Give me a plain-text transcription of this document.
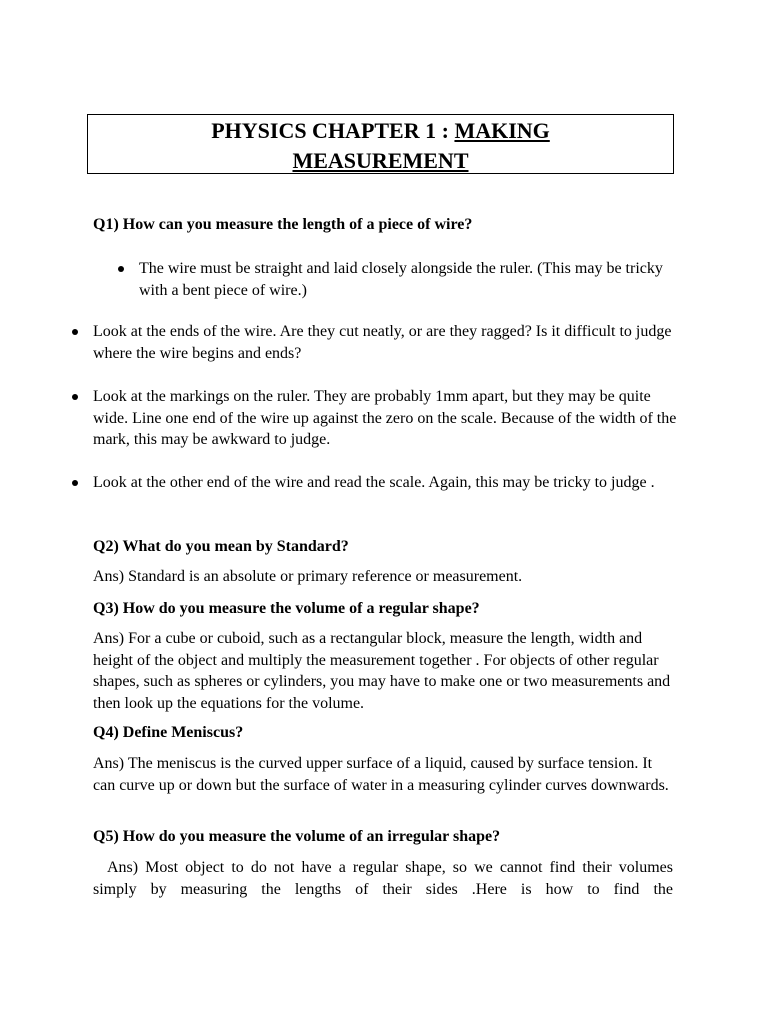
PHYSICS CHAPTER 1 : MAKING
MEASUREMENT
Q1) How can you measure the length of a piece of wire?
The wire must be straight and laid closely alongside the ruler. (This may be tricky with a bent piece of wire.)
Look at the ends of the wire. Are they cut neatly, or are they ragged? Is it difficult to judge where the wire begins and ends?
Look at the markings on the ruler. They are probably 1mm apart, but they may be quite wide. Line one end of the wire up against the zero on the scale. Because of the width of the mark, this may be awkward to judge.
Look at the other end of the wire and read the scale. Again, this may be tricky to judge .
Q2) What do you mean by Standard?
Ans) Standard is an absolute or primary reference or measurement.
Q3) How do you measure the volume of a regular shape?
Ans) For a cube or cuboid, such as a rectangular block, measure the length, width and height of the object and multiply the measurement together . For objects of other regular shapes, such as spheres or cylinders, you may have to make one or two measurements and then look up the equations for the volume.
Q4) Define Meniscus?
Ans) The meniscus is the curved upper surface of a liquid, caused by surface tension. It can curve up or down but the surface of water in a measuring cylinder curves downwards.
Q5) How do you measure the volume of an irregular shape?
Ans) Most object to do not have a regular shape, so we cannot find their volumes simply by measuring the lengths of their sides .Here is how to find the
